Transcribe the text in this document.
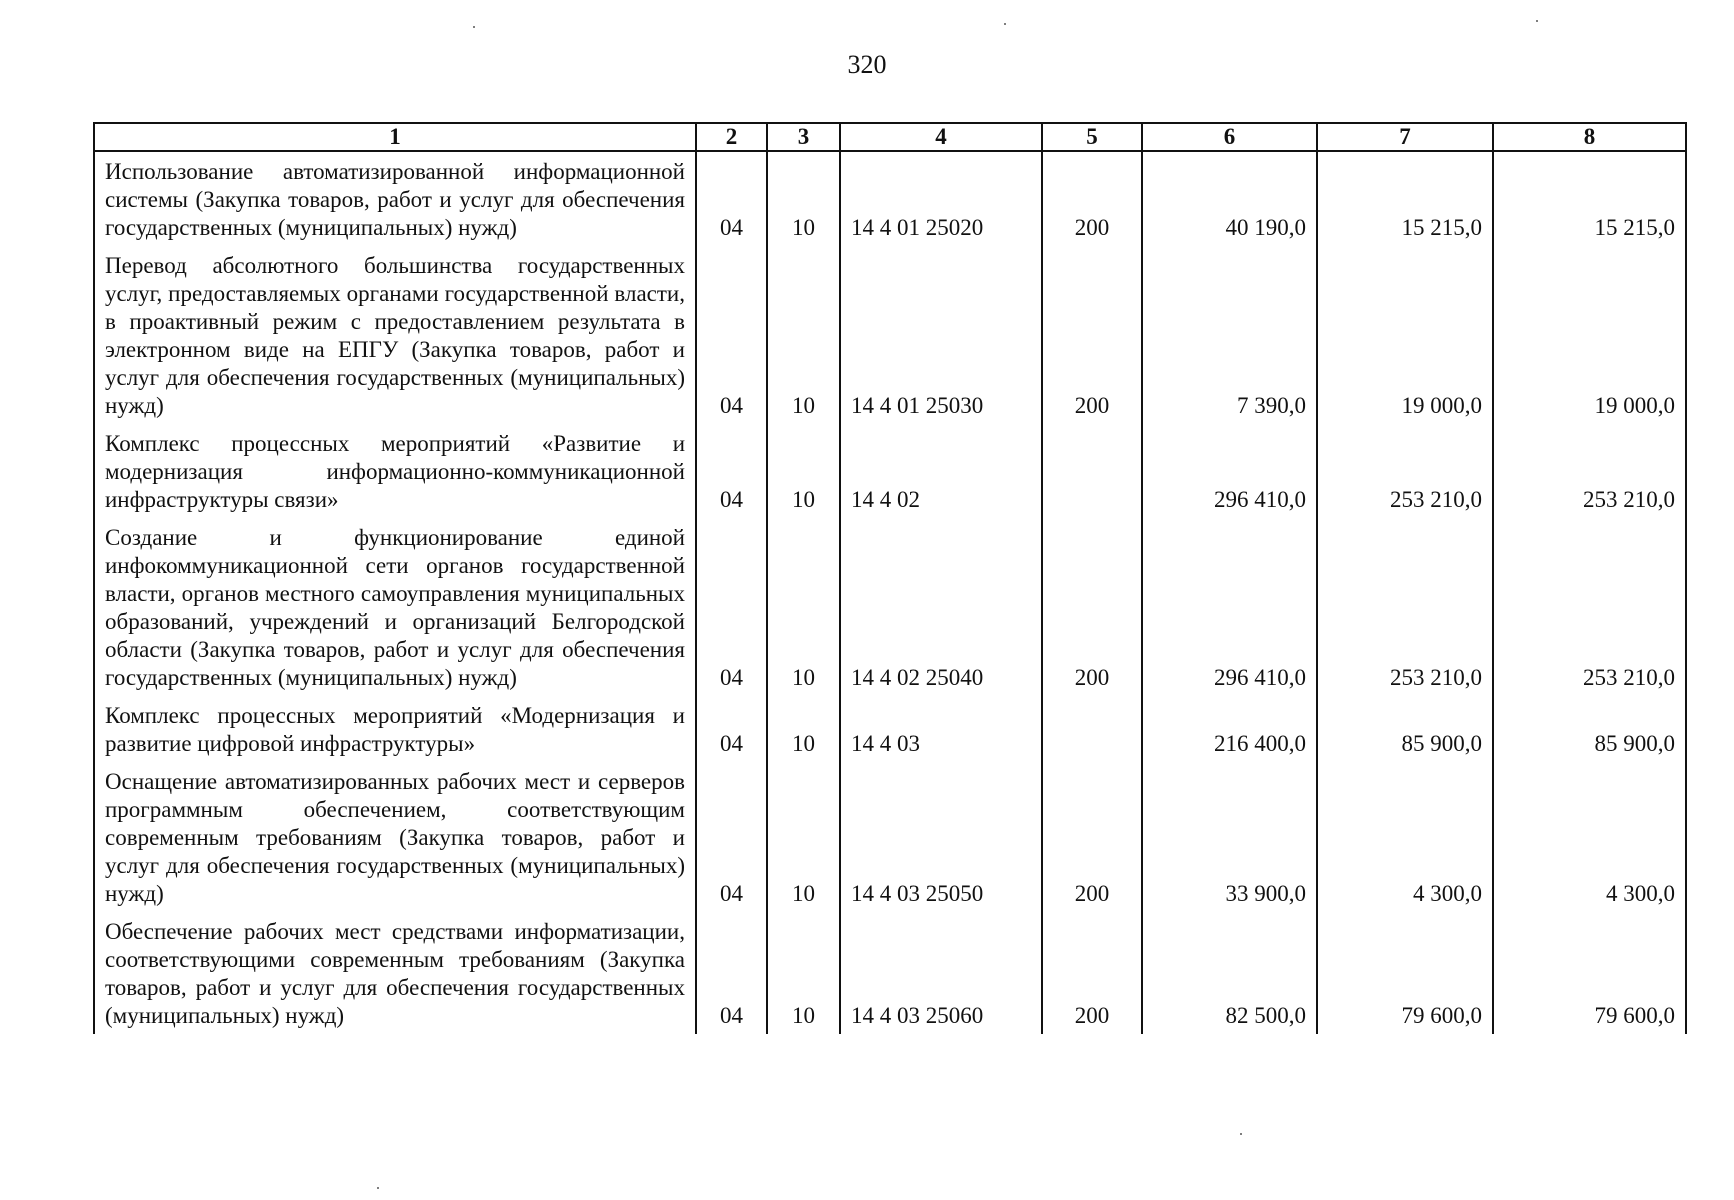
320
1	2	3	4	5	6	7	8
Использование автоматизированной информационной системы (Закупка товаров, работ и услуг для обеспечения государственных (муниципальных) нужд)	04	10	14 4 01 25020	200	40 190,0	15 215,0	15 215,0
Перевод абсолютного большинства государственных услуг, предоставляемых органами государственной власти, в проактивный режим с предоставлением результата в электронном виде на ЕПГУ (Закупка товаров, работ и услуг для обеспечения государственных (муниципальных) нужд)	04	10	14 4 01 25030	200	7 390,0	19 000,0	19 000,0
Комплекс процессных мероприятий «Развитие и модернизация информационно-коммуникационной инфраструктуры связи»	04	10	14 4 02		296 410,0	253 210,0	253 210,0
Создание и функционирование единой инфокоммуникационной сети органов государственной власти, органов местного самоуправления муниципальных образований, учреждений и организаций Белгородской области (Закупка товаров, работ и услуг для обеспечения государственных (муниципальных) нужд)	04	10	14 4 02 25040	200	296 410,0	253 210,0	253 210,0
Комплекс процессных мероприятий «Модернизация и развитие цифровой инфраструктуры»	04	10	14 4 03		216 400,0	85 900,0	85 900,0
Оснащение автоматизированных рабочих мест и серверов программным обеспечением, соответствующим современным требованиям (Закупка товаров, работ и услуг для обеспечения государственных (муниципальных) нужд)	04	10	14 4 03 25050	200	33 900,0	4 300,0	4 300,0
Обеспечение рабочих мест средствами информатизации, соответствующими современным требованиям (Закупка товаров, работ и услуг для обеспечения государственных (муниципальных) нужд)	04	10	14 4 03 25060	200	82 500,0	79 600,0	79 600,0
